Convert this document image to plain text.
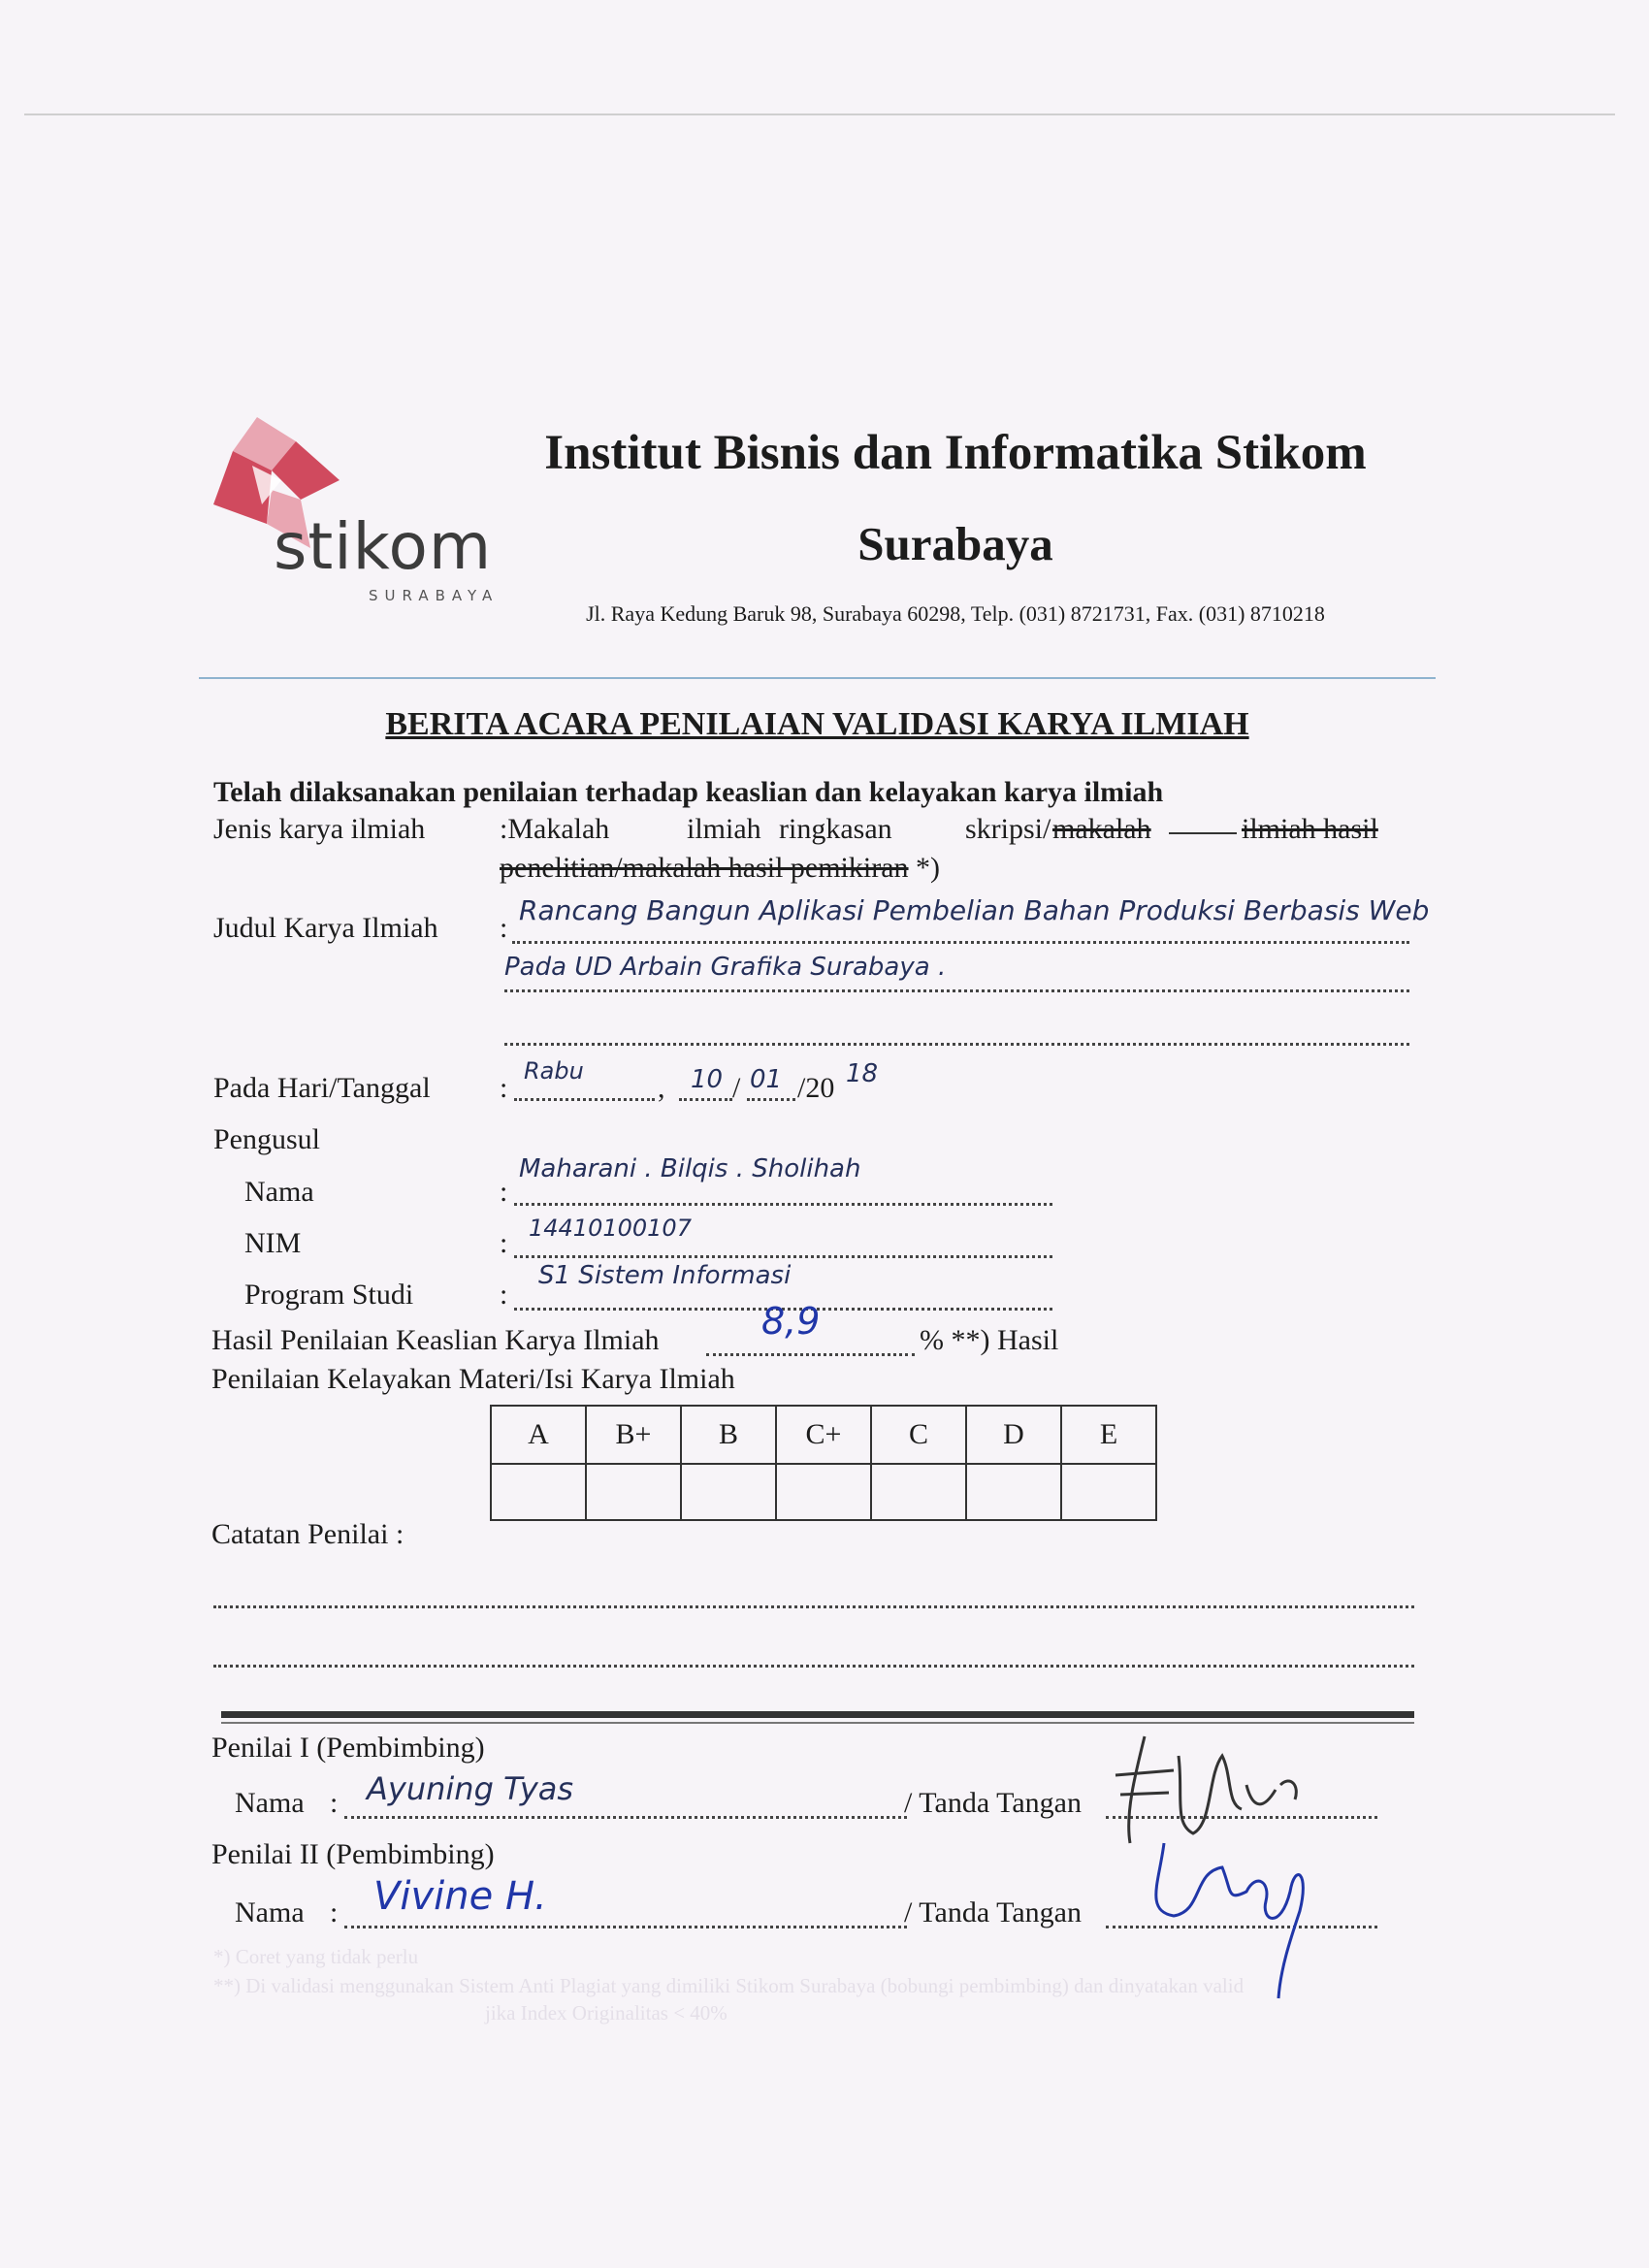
stikom
SURABAYA
Institut Bisnis dan Informatika Stikom
Surabaya
Jl. Raya Kedung Baruk 98, Surabaya 60298, Telp. (031) 8721731, Fax. (031) 8710218
BERITA ACARA PENILAIAN VALIDASI KARYA ILMIAH
Telah dilaksanakan penilaian terhadap keaslian dan kelayakan karya ilmiah
Jenis karya ilmiah	:Makalah	ilmiah ringkasan	skripsi/ makalah	ilmiah hasil
penelitian/makalah hasil pemikiran *)
Judul Karya Ilmiah :
Rancang Bangun Aplikasi Pembelian Bahan Produksi Berbasis Web
Pada UD Arbain Grafika Surabaya .
Pada Hari/Tanggal :
Rabu
, 10 / 01 /20 18
Pengusul
Nama	:
Maharani . Bilqis . Sholihah
NIM	: 14410100107
Program Studi	:
S1 Sistem Informasi
Hasil Penilaian Keaslian Karya Ilmiah	8,9	% **) Hasil
Penilaian Kelayakan Materi/Isi Karya Ilmiah
A	B+	B	C+	C	D	E

Catatan Penilai :
Penilai I (Pembimbing)
Nama : Ayuning Tyas	/ Tanda Tangan
Penilai II (Pembimbing)
Nama : Vivine H.	/ Tanda Tangan
*) Coret yang tidak perlu
**) Di validasi menggunakan Sistem Anti Plagiat yang dimiliki Stikom Surabaya (bobungi pembimbing) dan dinyatakan valid
jika Index Originalitas < 40%
